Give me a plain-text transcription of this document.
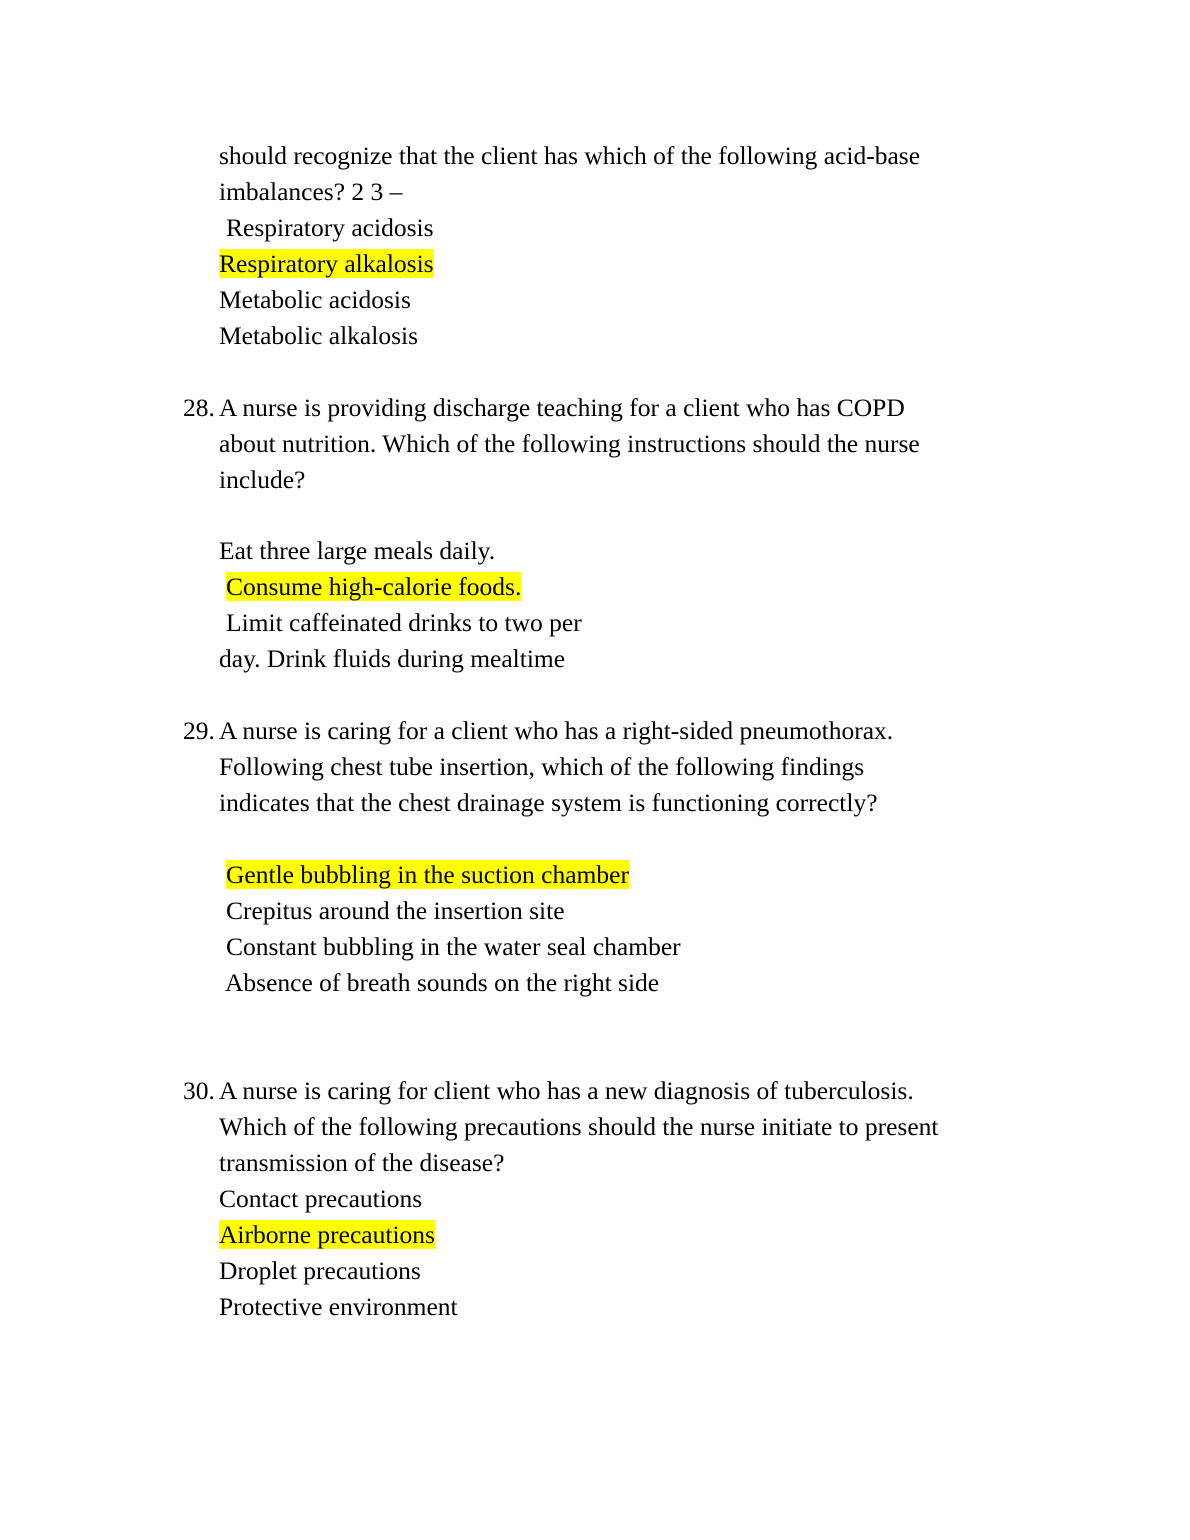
should recognize that the client has which of the following acid-base
imbalances? 2 3 –
Respiratory acidosis
Respiratory alkalosis
Metabolic acidosis
Metabolic alkalosis
28. A nurse is providing discharge teaching for a client who has COPD
about nutrition. Which of the following instructions should the nurse
include?
Eat three large meals daily.
Consume high-calorie foods.
Limit caffeinated drinks to two per
day. Drink fluids during mealtime
29. A nurse is caring for a client who has a right-sided pneumothorax.
Following chest tube insertion, which of the following findings
indicates that the chest drainage system is functioning correctly?
Gentle bubbling in the suction chamber
Crepitus around the insertion site
Constant bubbling in the water seal chamber
Absence of breath sounds on the right side
30. A nurse is caring for client who has a new diagnosis of tuberculosis.
Which of the following precautions should the nurse initiate to present
transmission of the disease?
Contact precautions
Airborne precautions
Droplet precautions
Protective environment
